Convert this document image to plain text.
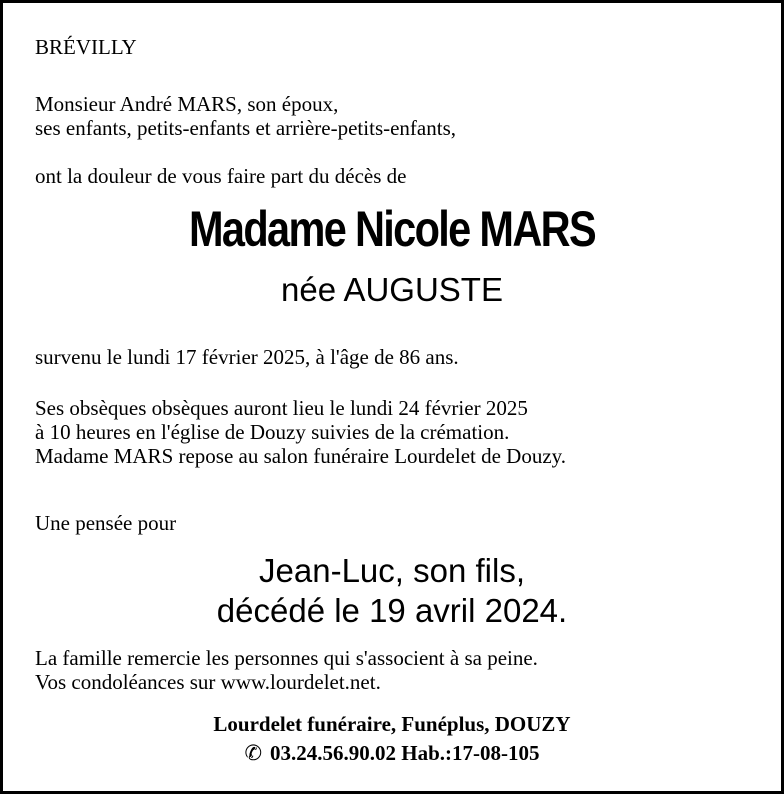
BRÉVILLY
Monsieur André MARS, son époux,
ses enfants, petits-enfants et arrière-petits-enfants,
ont la douleur de vous faire part du décès de
Madame Nicole MARS
née AUGUSTE
survenu le lundi 17 février 2025, à l'âge de 86 ans.
Ses obsèques obsèques auront lieu le lundi 24 février 2025
à 10 heures en l'église de Douzy suivies de la crémation.
Madame MARS repose au salon funéraire Lourdelet de Douzy.
Une pensée pour
Jean-Luc, son fils,
décédé le 19 avril 2024.
La famille remercie les personnes qui s'associent à sa peine.
Vos condoléances sur www.lourdelet.net.
Lourdelet funéraire, Funéplus, DOUZY
✆ 03.24.56.90.02 Hab.:17-08-105
